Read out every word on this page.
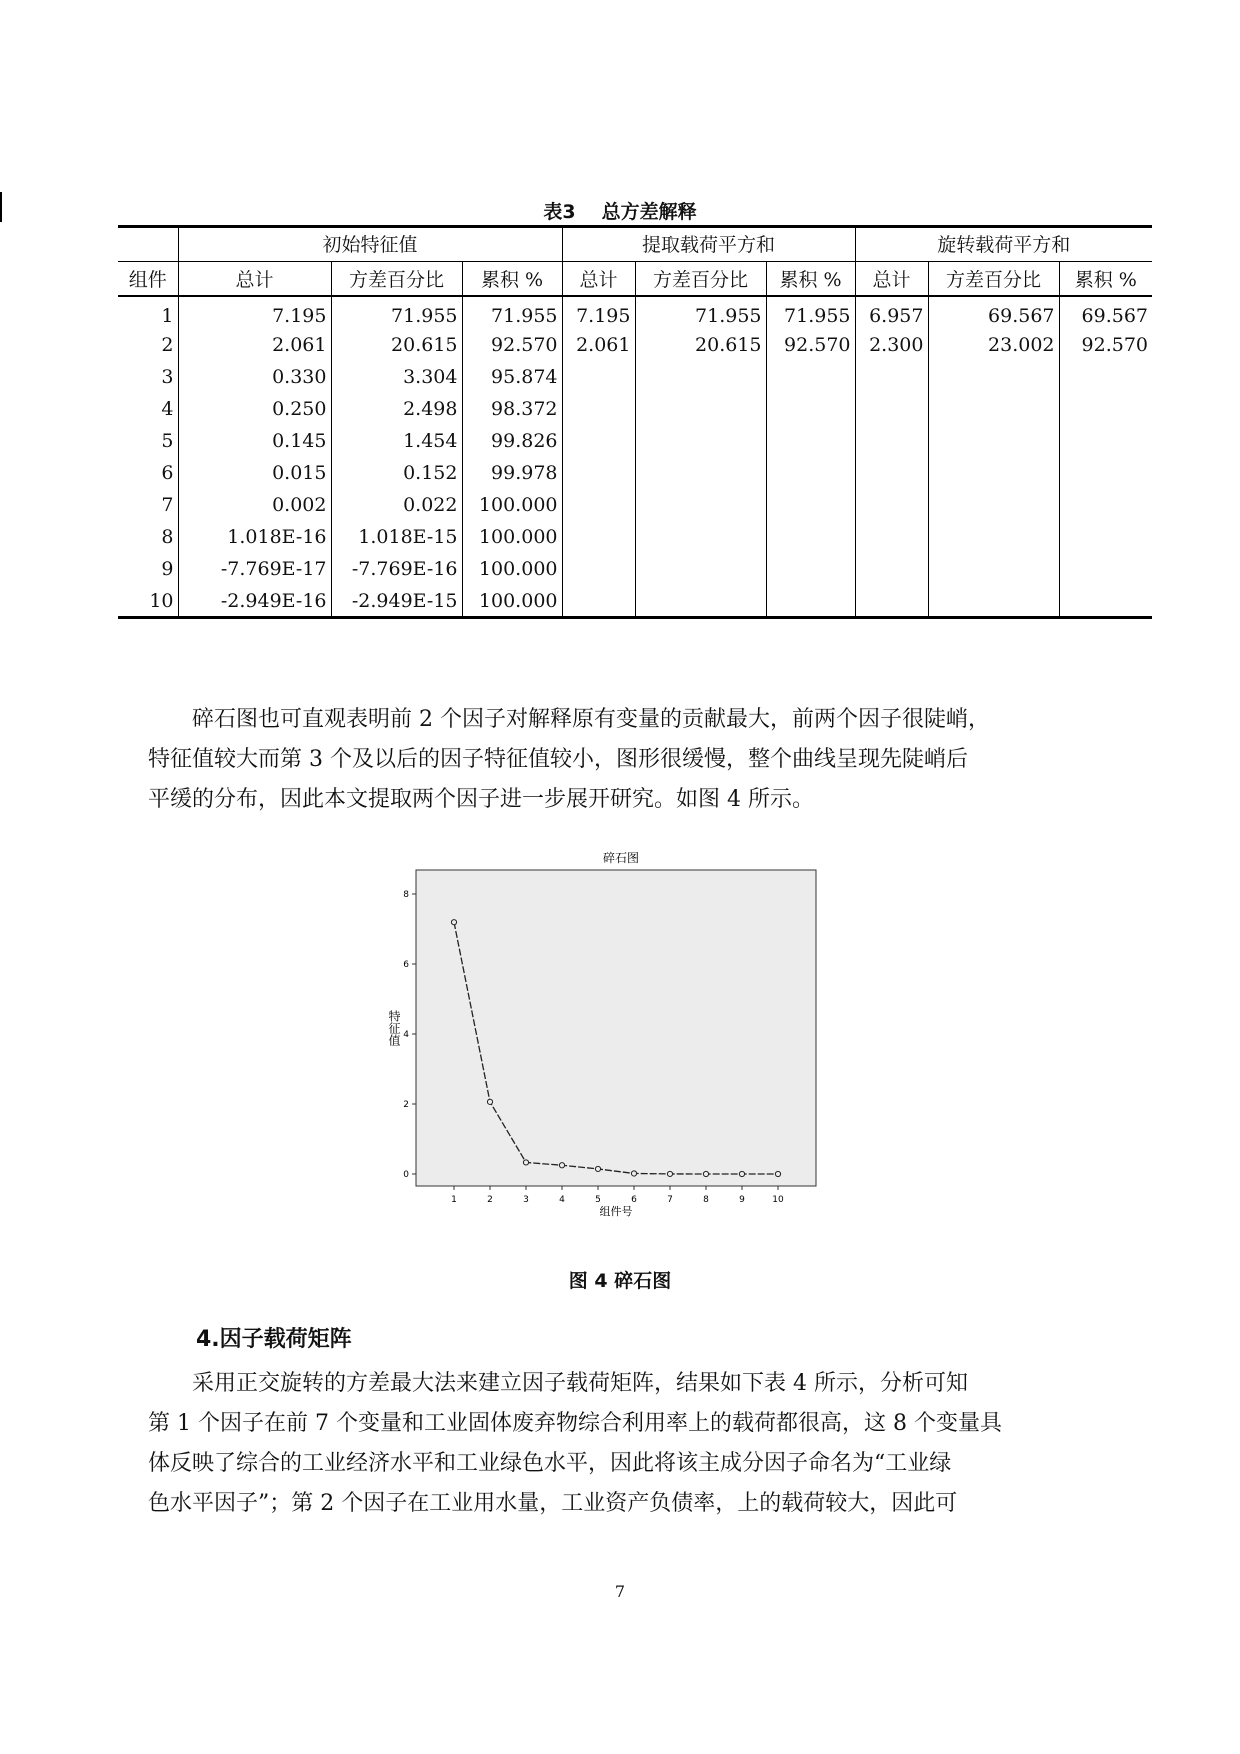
表3 总方差解释
	初始特征值			提取载荷平方和			旋转载荷平方和		
组件	总计	方差百分比	累积 %	总计	方差百分比	累积 %	总计	方差百分比	累积 %
1	7.195	71.955	71.955	7.195	71.955	71.955	6.957	69.567	69.567
2	2.061	20.615	92.570	2.061	20.615	92.570	2.300	23.002	92.570
3	0.330	3.304	95.874						
4	0.250	2.498	98.372						
5	0.145	1.454	99.826						
6	0.015	0.152	99.978						
7	0.002	0.022	100.000						
8	1.018E-16	1.018E-15	100.000						
9	-7.769E-17	-7.769E-16	100.000						
10	-2.949E-16	-2.949E-15	100.000						
碎石图也可直观表明前 2 个因子对解释原有变量的贡献最大，前两个因子很陡峭，
特征值较大而第 3 个及以后的因子特征值较小，图形很缓慢，整个曲线呈现先陡峭后
平缓的分布，因此本文提取两个因子进一步展开研究。如图 4 所示。
碎石图
0
2
4
6
8
1	2	3	4	5	6	7	8	9	10
特征值
组件号
图 4 碎石图
4.因子载荷矩阵
采用正交旋转的方差最大法来建立因子载荷矩阵，结果如下表 4 所示，分析可知
第 1 个因子在前 7 个变量和工业固体废弃物综合利用率上的载荷都很高，这 8 个变量具
体反映了综合的工业经济水平和工业绿色水平，因此将该主成分因子命名为“工业绿
色水平因子”；第 2 个因子在工业用水量，工业资产负债率，上的载荷较大，因此可
7
